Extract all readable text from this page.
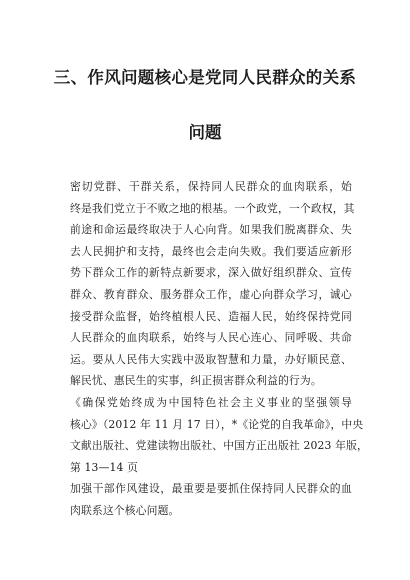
三、作风问题核心是党同人民群众的关系
问题
密切党群、干群关系，保持同人民群众的血肉联系，始
终是我们党立于不败之地的根基。一个政党，一个政权，其
前途和命运最终取决于人心向背。如果我们脱离群众、失
去人民拥护和支持，最终也会走向失败。我们要适应新形
势下群众工作的新特点新要求，深入做好组织群众、宣传
群众、教育群众、服务群众工作，虚心向群众学习，诚心
接受群众监督，始终植根人民、造福人民，始终保持党同
人民群众的血肉联系，始终与人民心连心、同呼吸、共命
运。要从人民伟大实践中汲取智慧和力量，办好顺民意、
解民忧、惠民生的实事，纠正损害群众利益的行为。
《确保党始终成为中国特色社会主义事业的坚强领导
核心》（2012 年 11 月 17 日），*《论党的自我革命》，中央
文献出版社、党建读物出版社、中国方正出版社 2023 年版，
第 13—14 页
加强干部作风建设，最重要是要抓住保持同人民群众的血
肉联系这个核心问题。
